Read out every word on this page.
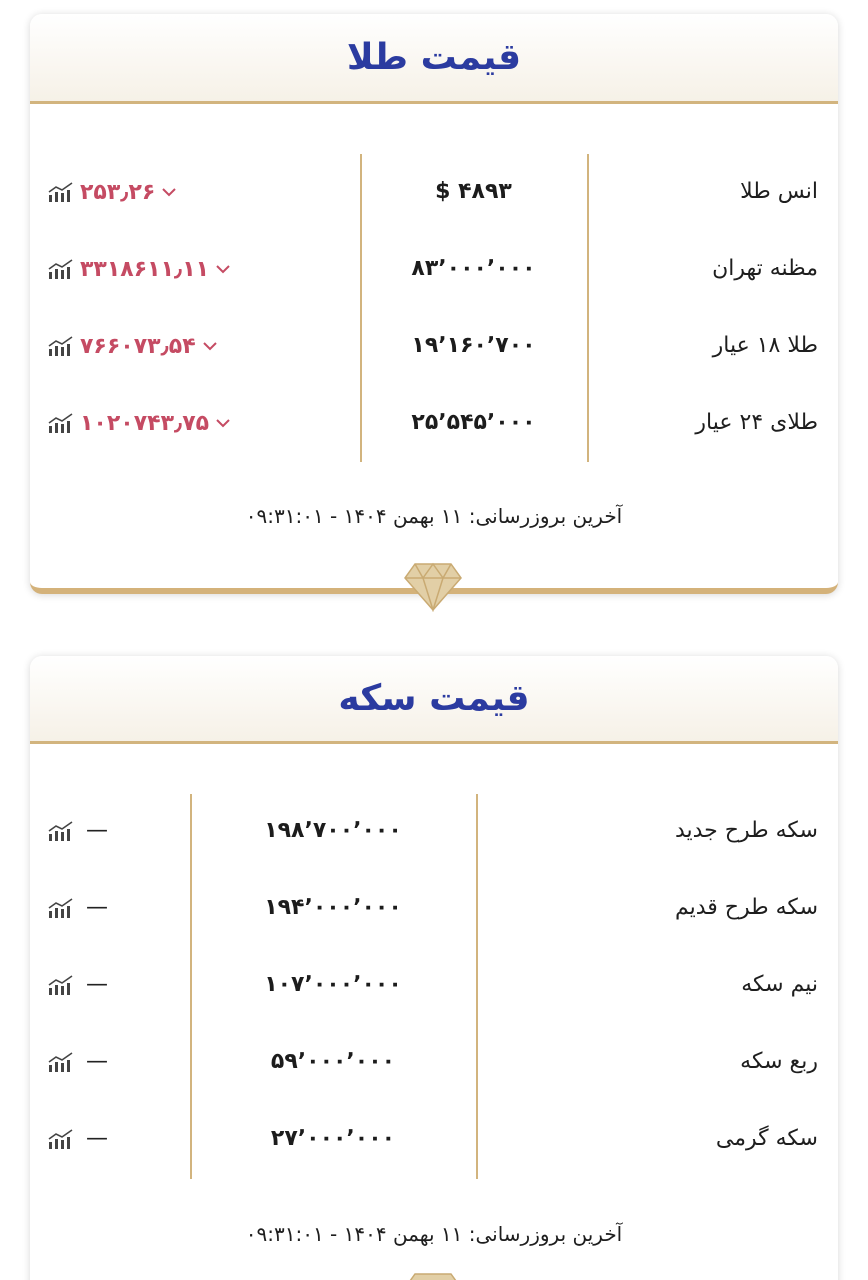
قیمت طلا
انس طلا
$ ۴۸۹۳
۲۵۳٫۲۶
مظنه تهران
۸۳٬۰۰۰٬۰۰۰
۳۳۱۸۶۱۱٫۱۱
طلا ۱۸ عیار
۱۹٬۱۶۰٬۷۰۰
۷۶۶۰۷۳٫۵۴
طلای ۲۴ عیار
۲۵٬۵۴۵٬۰۰۰
۱۰۲۰۷۴۳٫۷۵
آخرین بروزرسانی: ۱۱ بهمن ۱۴۰۴ - ۰۹:۳۱:۰۱
قیمت سکه
سکه طرح جدید
۱۹۸٬۷۰۰٬۰۰۰
—
سکه طرح قدیم
۱۹۴٬۰۰۰٬۰۰۰
—
نیم سکه
۱۰۷٬۰۰۰٬۰۰۰
—
ربع سکه
۵۹٬۰۰۰٬۰۰۰
—
سکه گرمی
۲۷٬۰۰۰٬۰۰۰
—
آخرین بروزرسانی: ۱۱ بهمن ۱۴۰۴ - ۰۹:۳۱:۰۱
